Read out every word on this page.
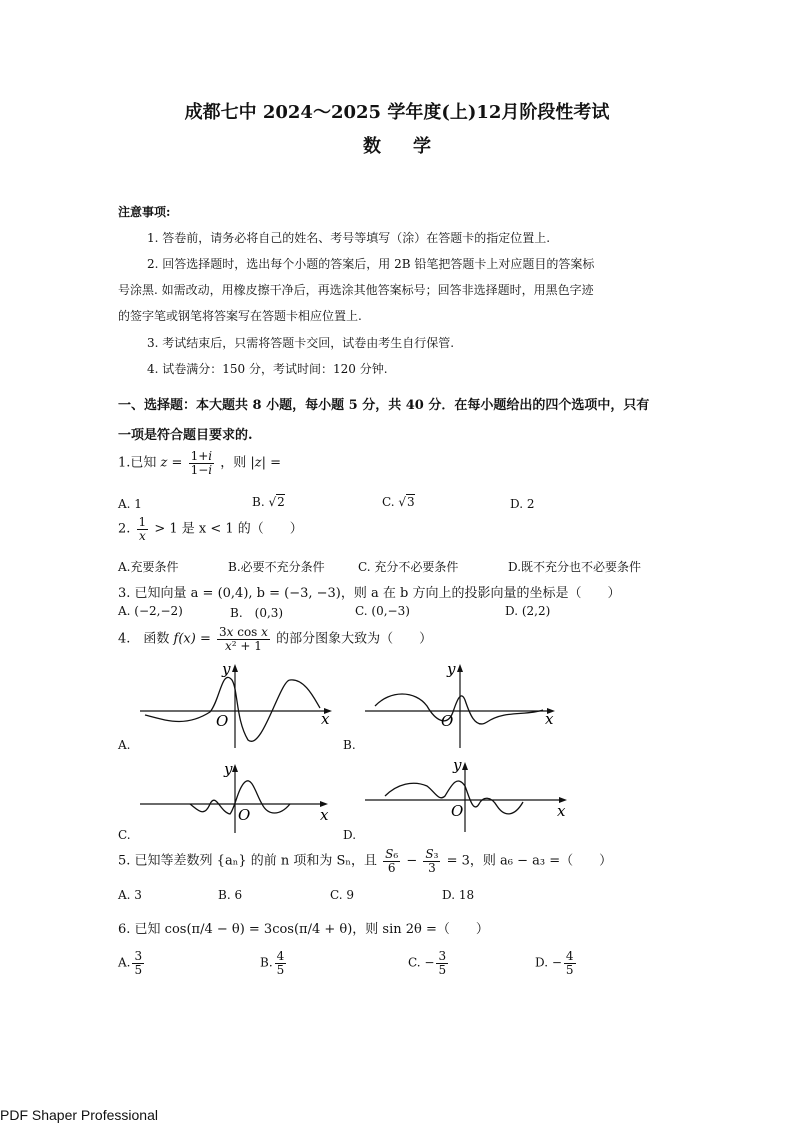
成都七中 2024～2025 学年度(上)12月阶段性考试
数学
注意事项:
1. 答卷前，请务必将自己的姓名、考号等填写（涂）在答题卡的指定位置上.
2. 回答选择题时，选出每个小题的答案后，用 2B 铅笔把答题卡上对应题目的答案标
号涂黑. 如需改动，用橡皮擦干净后，再选涂其他答案标号；回答非选择题时，用黑色字迹
的签字笔或钢笔将答案写在答题卡相应位置上.
3. 考试结束后，只需将答题卡交回，试卷由考生自行保管.
4. 试卷满分：150 分，考试时间：120 分钟.
一、选择题：本大题共 8 小题，每小题 5 分，共 40 分．在每小题给出的四个选项中，只有
一项是符合题目要求的.
1.已知 $z = \frac{1+i}{1-i}$ ，则 |z| =
A. 1	B. √2	C. √3	D. 2
2. $\frac{1}{x} > 1$ 是 x < 1 的（　　）
A.充要条件	B.必要不充分条件	C. 充分不必要条件	D.既不充分也不必要条件
3. 已知向量 a = (0,4), b = (−3, −3)，则 a 在 b 方向上的投影向量的坐标是（　　）
A. (−2,−2)	B.　(0,3)	C. (0,−3)	D. (2,2)
4.　函数 $f(x) = \frac{\text{3x cos x}}{\text{x² + 1}}$ 的部分图象大致为（　　）
O	x
y
A.
O	x
y
B.
O	x
y
C.
O	x
y
D.
5. 已知等差数列 {aₙ} 的前 n 项和为 Sₙ，且 $\frac{\text{S₆}}{6} - \frac{\text{S₃}}{3} = 3$，则 a₆ − a₃ =（　　）
A. 3	B. 6	C. 9	D. 18
6. 已知 cos(π/4 − θ) = 3cos(π/4 + θ)，则 sin 2θ =（　　）
A. $\frac{3}{5}$	B. $\frac{4}{5}$	C. − $\frac{3}{5}$	D. − $\frac{4}{5}$
PDF Shaper Professional
